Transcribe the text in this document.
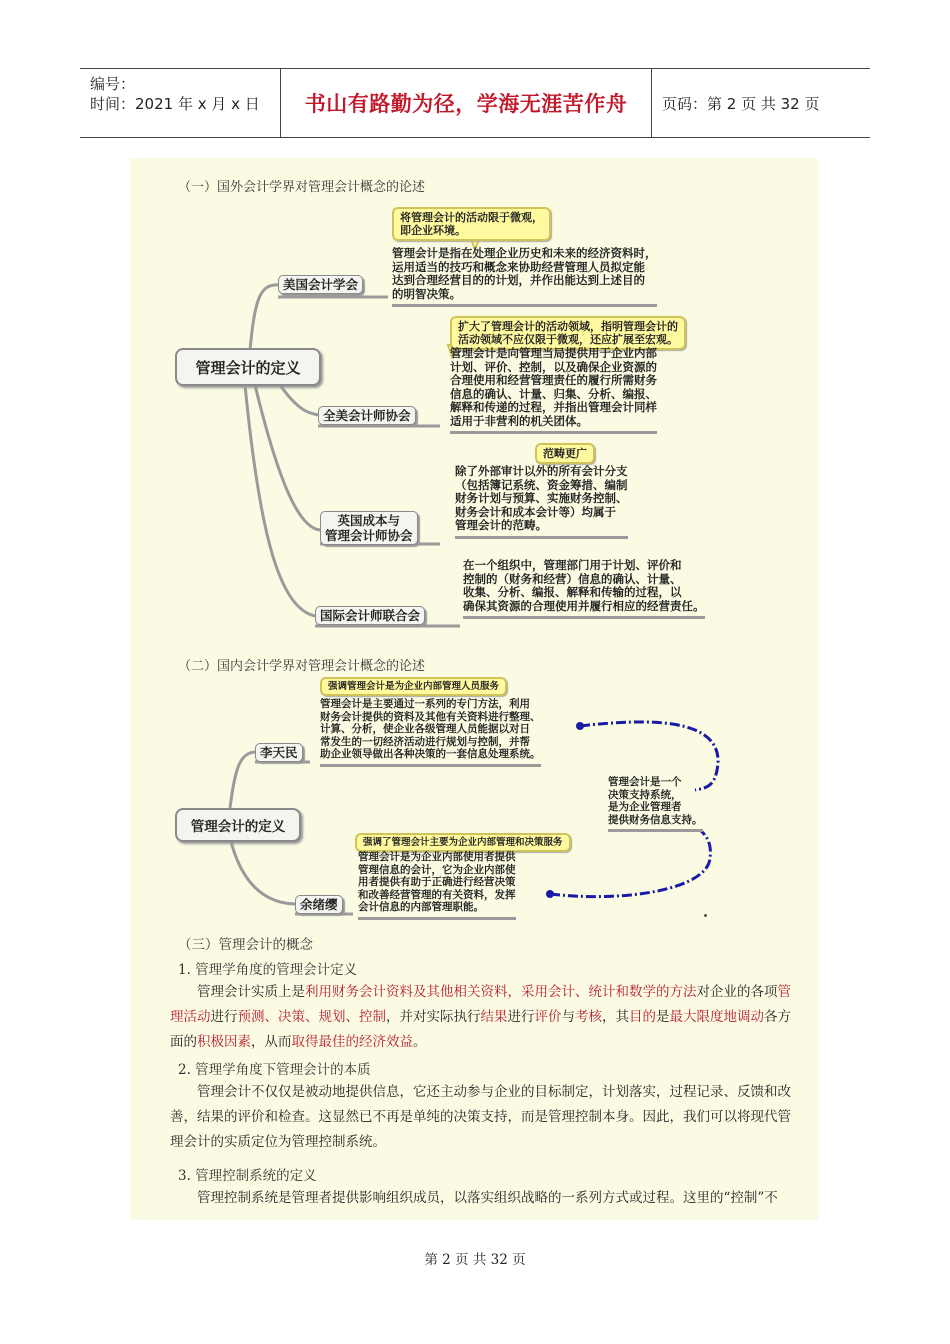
编号：
时间：2021 年 x 月 x 日 书山有路勤为径，学海无涯苦作舟 页码：第 2 页 共 32 页
（一）国外会计学界对管理会计概念的论述
管理会计的定义
美国会计学会
将管理会计的活动限于微观，
即企业环境。
管理会计是指在处理企业历史和未来的经济资料时，
运用适当的技巧和概念来协助经营管理人员拟定能
达到合理经营目的的计划，并作出能达到上述目的
的明智决策。
全美会计师协会
扩大了管理会计的活动领域，指明管理会计的
活动领域不应仅限于微观，还应扩展至宏观。
管理会计是向管理当局提供用于企业内部
计划、评价、控制，以及确保企业资源的
合理使用和经营管理责任的履行所需财务
信息的确认、计量、归集、分析、编报、
解释和传递的过程，并指出管理会计同样
适用于非营利的机关团体。
英国成本与
管理会计师协会
范畴更广
除了外部审计以外的所有会计分支
（包括簿记系统、资金筹措、编制
财务计划与预算、实施财务控制、
财务会计和成本会计等）均属于
管理会计的范畴。
国际会计师联合会
在一个组织中，管理部门用于计划、评价和
控制的（财务和经营）信息的确认、计量、
收集、分析、编报、解释和传输的过程，以
确保其资源的合理使用并履行相应的经营责任。
（二）国内会计学界对管理会计概念的论述
管理会计的定义
李天民
强调管理会计是为企业内部管理人员服务
管理会计是主要通过一系列的专门方法，利用
财务会计提供的资料及其他有关资料进行整理、
计算、分析，使企业各级管理人员能据以对日
常发生的一切经济活动进行规划与控制，并帮
助企业领导做出各种决策的一套信息处理系统。
余绪缨
强调了管理会计主要为企业内部管理和决策服务
管理会计是为企业内部使用者提供
管理信息的会计，它为企业内部使
用者提供有助于正确进行经营决策
和改善经营管理的有关资料，发挥
会计信息的内部管理职能。
管理会计是一个
决策支持系统，
是为企业管理者
提供财务信息支持。
（三）管理会计的概念
1. 管理学角度的管理会计定义
管理会计实质上是利用财务会计资料及其他相关资料，采用会计、统计和数学的方法对企业的各项管理活动进行预测、决策、规划、控制，并对实际执行结果进行评价与考核，其目的是最大限度地调动各方面的积极因素，从而取得最佳的经济效益。
2. 管理学角度下管理会计的本质
管理会计不仅仅是被动地提供信息，它还主动参与企业的目标制定，计划落实，过程记录、反馈和改善，结果的评价和检查。这显然已不再是单纯的决策支持，而是管理控制本身。因此，我们可以将现代管理会计的实质定位为管理控制系统。
3. 管理控制系统的定义
管理控制系统是管理者提供影响组织成员，以落实组织战略的一系列方式或过程。这里的“控制”不
第 2 页 共 32 页
